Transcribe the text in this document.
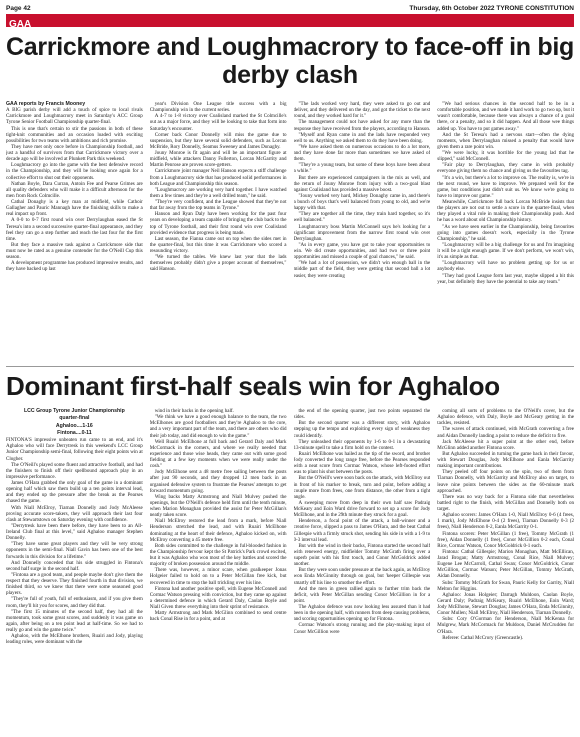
Page 42	Thursday, 6th October 2022 TYRONE CONSTITUTION
GAA
Carrickmore and Loughmacrory to face-off in big derby clash
GAA reports by Francis Mooney

A BIG parish derby will add a touch of spice to local rivals Carrickmore and Loughmacrory meet in Saturday's ACC Group Tyrone Senior Football Championship quarter-final.

This is one that's certain to stir the passions in both of these tight-knit communities and an occasion loaded with exciting possibilities for two teams with ambitions and rich promise.

They have met only once before in Championship football, and just a handful of survivors from that Carrickmore victory over a decade ago will be involved at Plunkett Park this weekend.

Loughmacrory go into the game with the best defensive record in the Championship, and they will be looking once again for a collective effort to shut out their opponents.

Nathan Boyle, Dara Curran, Antoin Fee and Pearse Grimes are all quality defenders who will make it a difficult afternoon for the men from Rock Colmcille.

Cathal Donaghy is a key man at midfield, while Cathoir Gallagher and Pauric Mannagh have the finishing skills to make a real impact up front.

A 0-0 to 0-7 first round win over Derrylaughan eased the St Teresa's into a second successive quarter-final appearance, and they feel they can go a step further and reach the last four for the first time.

But they face a massive task against a Carrickmore side that must now be rated as a genuine contender for the O'Neill Cup this season.

A development programme has produced impressive results, and they have backed up last

year's Division One League title success with a big Championship win in the current series.

A 4-7 to 1-8 victory over Coalisland marked the St Colmcille's out as a major force, and they will be looking to take that form into Saturday's encounter.

Corner back Conor Donnelly will miss the game due to suspension, but they have several solid defenders, such as Lorcan McBride, Rory Donnelly, Seamus Sweeney and James Donaghy.

Jouny Monroe is fit again and will be an important figure at midfield, while attackers Danny Fullerton, Lorcan McGarrity and Martin Penrose are proven score-getters.

Carrickmore joint manager Neil Hanson expects a stiff challenge from a Loughmacrory side that has produced solid performances in both League and Championship this season.

"Loughmacrory are working very hard together. I have watched them a few times and they're a well drilled team," he said.

"They're very confident, and the League showed that they're not that far away from the top teams in Tyrone."

Hanson and Ryan Daly have been working for the past four years on developing a team capable of bringing the club back to the top of Tyrone football, and their first round win over Coalisland provided evidence that progress is being made.

Last season, the Fianna came out on top when the sides met in the quarter-final, but this time it was Carrickmore who scored a resounding victory.

"We turned the tables. We knew last year that the lads themselves probably didn't give a proper account of themselves," said Hanson.

"The lads worked very hard, they were asked to go out and deliver, and they delivered on the day, and got the ticket to the next round, and they worked hard for it."

The management could not have asked for any more than the response they have received from the players, according to Hanson.

"Myself and Ryan came in and the lads have responded very well to us. Anything we asked them to do they have been doing.

"We have asked them on numerous occasions to do a lot more, and they have done far more than sometimes we have asked of them.

"They're a young team, but some of these boys have been about a while."

But there are experienced campaigners in the mix as well, and the return of Jouny Monroe from injury with a two-goal blast against Coalisland has provided a massive boost.

"Jouny worked very hard, Mickey Donaghy came in, and there's a bunch of boys that's well balanced from young to old, and we're happy with that.

"They are together all the time, they train hard together, so it's well balanced."

Loughmacrory boss Martin McConnell says he's looking for a significant improvement from the narrow first round win over Derrylaughan.

"As in every game, you have got to take your opportunities to win. We did create opportunities, and had two or three point opportunities and missed a couple of goal chances," he said.

"We had a lot of possession, we didn't win enough ball in the middle part of the field, they were getting that second ball a lot easier, they were creating

"We had serious chances in the second half to be in a comfortable position, and we made it hard work to go two up, but it wasn't comfortable, because there was always a chance of a goal there, or a penalty, and so it did happen. And all those wee things added up. You have to put games away."

And the St Teresa's had a nervous start—often the dying moments, when Derrylaughan missed a penalty that would have given them a rare point win.

"We were lucky, it was horrible for the young lad that he slipped," said McConnell.

"Fair play to Derrylaughan, they came in with probably everyone giving them no chance and giving us the favourites tag.

"It's a win, but there's a lot to improve on. The reality is, we're in the next round, we have to improve. We prepared well for the game, but conditions just didn't suit us. We know we're going to have to improve our game."

Meanwhile, Carrickmore full back Lorcan McBride insists that the players are not out to settle a score in the quarter-final, when they played a vital role in making their Championship push. And he has a word about old Championship history.

"As we have seen earlier in the Championship, being favourites going into games doesn't work, especially in the Tyrone Championship," he said.

"Loughmacrory will be a big challenge for us and I'm imagining it will be a tight enough game. If we don't perform, we won't win, it's as simple as that.

"Loughmacrory will have no problem getting up for us or anybody else.

"They had good League form last year, maybe slipped a bit this year, but definitely they have the potential to take any team."

Dominant first-half seals win for Aghaloo
LCC Group Tyrone Junior Championship
quarter-final
Aghaloo....1-16
Fintona....0-11

FINTONA'S impressive unbeaten run came to an end, and it's Aghaloo who will face Derrytresk in this weekend's LCC Group Junior Championship semi-final, following their eight points win at Clogher.

The O'Neill's played some fluent and attractive football, and had the finishers to finish off their spellbound approach play in an impressive performance.

James O'Hara grabbed the only goal of the game in a dominant opening half which saw them build up a ten points interval lead, and they ended up the pressure after the break as the Pearses chased the game.

With Niall McElroy, Tiarnan Donnelly and Jody McAleese proving accurate score-takers, they will approach their last four clash at Stewartstown on Saturday evening with confidence.

"Derrytresk have been there before, they have been to an All-Ireland Club final at this level," said Aghaloo manager Stephen Donnelly.

"They have some great players and they will be very strong opponents in the semi-final. Niall Gavin has been one of the best forwards in this division for a lifetime."

And Donnelly conceded that his side struggled in Fintona's second half surge in the second half.

"Fintona are a good team, and people maybe don't give them the respect that they deserve. They finished fourth in that division, we finished third, so we knew that there were some seasoned good players.

"They're full of youth, full of enthusiasm, and if you give them room, they'll hit you for scores, and they did that.

"The first 15 minutes of the second half, they had all the momentum, took some great scores, and suddenly it was game on again, after being on a ten point lead at half-time. So we had to really go and win the game twice."

Aghaloo, with the McElhone brothers, Ruairi and Jody, playing leading roles, were dominant with the

wind in their backs in the opening half.

"We think we have a good enough balance to the team, the two McElhones are good footballers and they're Aghaloo to the core, and a very important part of the team, and there are others who did their job today, and did enough to win the game."

Well Ruairi McElhone at full back and Gerard Daly and Mark McCormack in the corners, and where we really needed that experience and those wise heads, they came out with some good fielding at a few key moments when we were really under the cosh."

Jody McElhone sent a 48 metre free sailing between the posts after just 90 seconds, and they dropped 12 men back in an organised defensive system to frustrate the Pearses' attempts to get forward momentum going.

Wing backs Matty Armstrong and Niall Mulvey pushed the openings, but the O'Neill's defence held firm until the tenth minute, when Marion Monaghan provided the assist for Peter McGillan's neatly taken score.

Niall McElroy restored the lead from a mark, before Niall Henderson stretched the lead, and with Ruairi McElhone dominating at the heart of their defence, Aghaloo kicked on, with McElroy converting a 45 metre free.

Both sides committed to the challenge in full-blooded fashion in the Championship fervour kept the St Patrick's Park crowd excited, but it was Aghaloo who won most of the key battles and scored the majority of broken possession around the middle.

There was, however, a minor scare, when goalkeeper Jonas Holgeier failed to hold on to a Peter McGillan free kick, but recovered in time to stop the ball trickling over his line.

Fintona had another positive spell, with Eugene McConnell and Cormac Watson pressing with conviction, but they came up against a determined defence in which Gerard Daly, Caolan Boyle and Niall Given threw everything into their sprint of resistance.

Matty Armstrong and Mark McGlinn combined to send centre back Conal Rise in for a point, and at

the end of the opening quarter, just two points separated the sides.

But the second quarter was a different story, with Aghaloo stepping up the tempo and exploiting every sign of weakness they could identify.

They unleashed their opponents by 1-6 to 0-1 in a devastating 13-minute spell to take a firm hold on the contest.

Ruairi McElhone was hailed as the tip of the sword, and brother Jody converted the long range free, before the Pearses responded with a neat score from Cormac Watson, whose left-footed effort was to plant his shot between the posts.

But the O'Neill's were soon back on the attack, with McElroy out in front of his marker to break, turn and point, before adding a couple more from frees, one from distance, the other from a tight angle.

A sweeping move from deep in their own half saw Padraig McKeary and Eoin Ward drive forward to set up a score for Jody McElhone, and in the 29th minute they struck for a goal.

Henderson, a focal point of the attack, a ball-winner and a creative force, slipped a pass to James O'Hara, and the beat Cathal Gillespie with a firmly struck shot, sending his side in with a 1-9 to 0-3 interval lead.

But with the wind in their backs, Fintona started the second half with renewed energy, midfielder Tommy McGrath firing over a superb point with his first touch, and Conor McGoldrick added another.

But they were soon under pressure at the back again, as McElroy won Enda McGinnity through on goal, but 'keeper Gillespie was smartly off his line to smother the effort.

And the men in green rallied again to further trim back the deficit, with Peter McGillan sending Conor McGillion in for a point.

The Aghaloo defence was now looking less assured than it had been in the opening half, with runners from deep causing problems, and scoring opportunities opening up for Fintona.

Cormac Watson's strong running and the play-making input of Conor McGillion were

coming all sorts of problems to the O'Neill's cover, but the Aghaloo defence, with Daly, Boyle and McGeary getting in the tackles, resisted.

The waves of attack continued, with McGrath converting a free and Aidan Donnelly landing a point to reduce the deficit to five.

Jack McAleese hit a super point at the other end, before McGlinn added another Fintona score.

But Aghaloo succeeded in turning the game back in their favour, with Stewart Douglas, Jody McElhone and Eanla McGarrity making important contributions.

They peeled off four points on the spin, two of them from Tiarnan Donnelly, with McGarrity and McElroy also on target, to leave nine points between the sides as the 60-minute mark approached.

There was no way back for a Fintona side that nevertheless battled right to the finish, with McGillan and Donnelly both on target.

Aghaloo scorers: James O'Hara 1-0, Niall McElroy 0-6 (4 frees, 1 mark), Jody McElhone 0-4 (2 frees), Tiarnan Donnelly 0-3 (2 frees), Niall Henderson 0-2, Eanla McGarrity 0-1.

Fintona scorers: Peter McGillan (1 free), Tommy McGrath (1 free), Aidan Donnelly (1 free), Conor McGillion 0-2 each, Conal Rice, Cormac Watson, Conor McGoldrick 0-1 each.

Fintona: Cathal Gillespie; Marion Monaghan, Matt McEllican, Jarad Brogan; Matty Armstrong, Conal Rice, Niall Mulvey; Eugene Lee McCarroll, Cathal Swan; Conor McGoldrick, Conor McGillion, Cormac Watson; Peter McGillan, Tommy McGrath, Aidan Donnelly.

Subs: Tommy McGrath for Swan, Pauric Kelly for Garrity, Niall Melton for Higgins.

Aghaloo: Jonas Holgeier; Darragh Muldoon, Caolan Boyle, Gerard Daly; Padraig McKeary, Ruairi McElhone, Eoin Ward; Jody McElhone, Stewart Douglas; James O'Hara, Enda McGinnity, Conor Mullen; Niall McElroy, Niall Henderson, Tiarnan Donnelly.

Subs: Cory O'Gorman for Henderson, Niall McKenna for Mulgrew, Mark McCormack for Muldoon, Daniel McCrudden for O'Hara.

Referee: Cathal McCrory (Greencastle).
